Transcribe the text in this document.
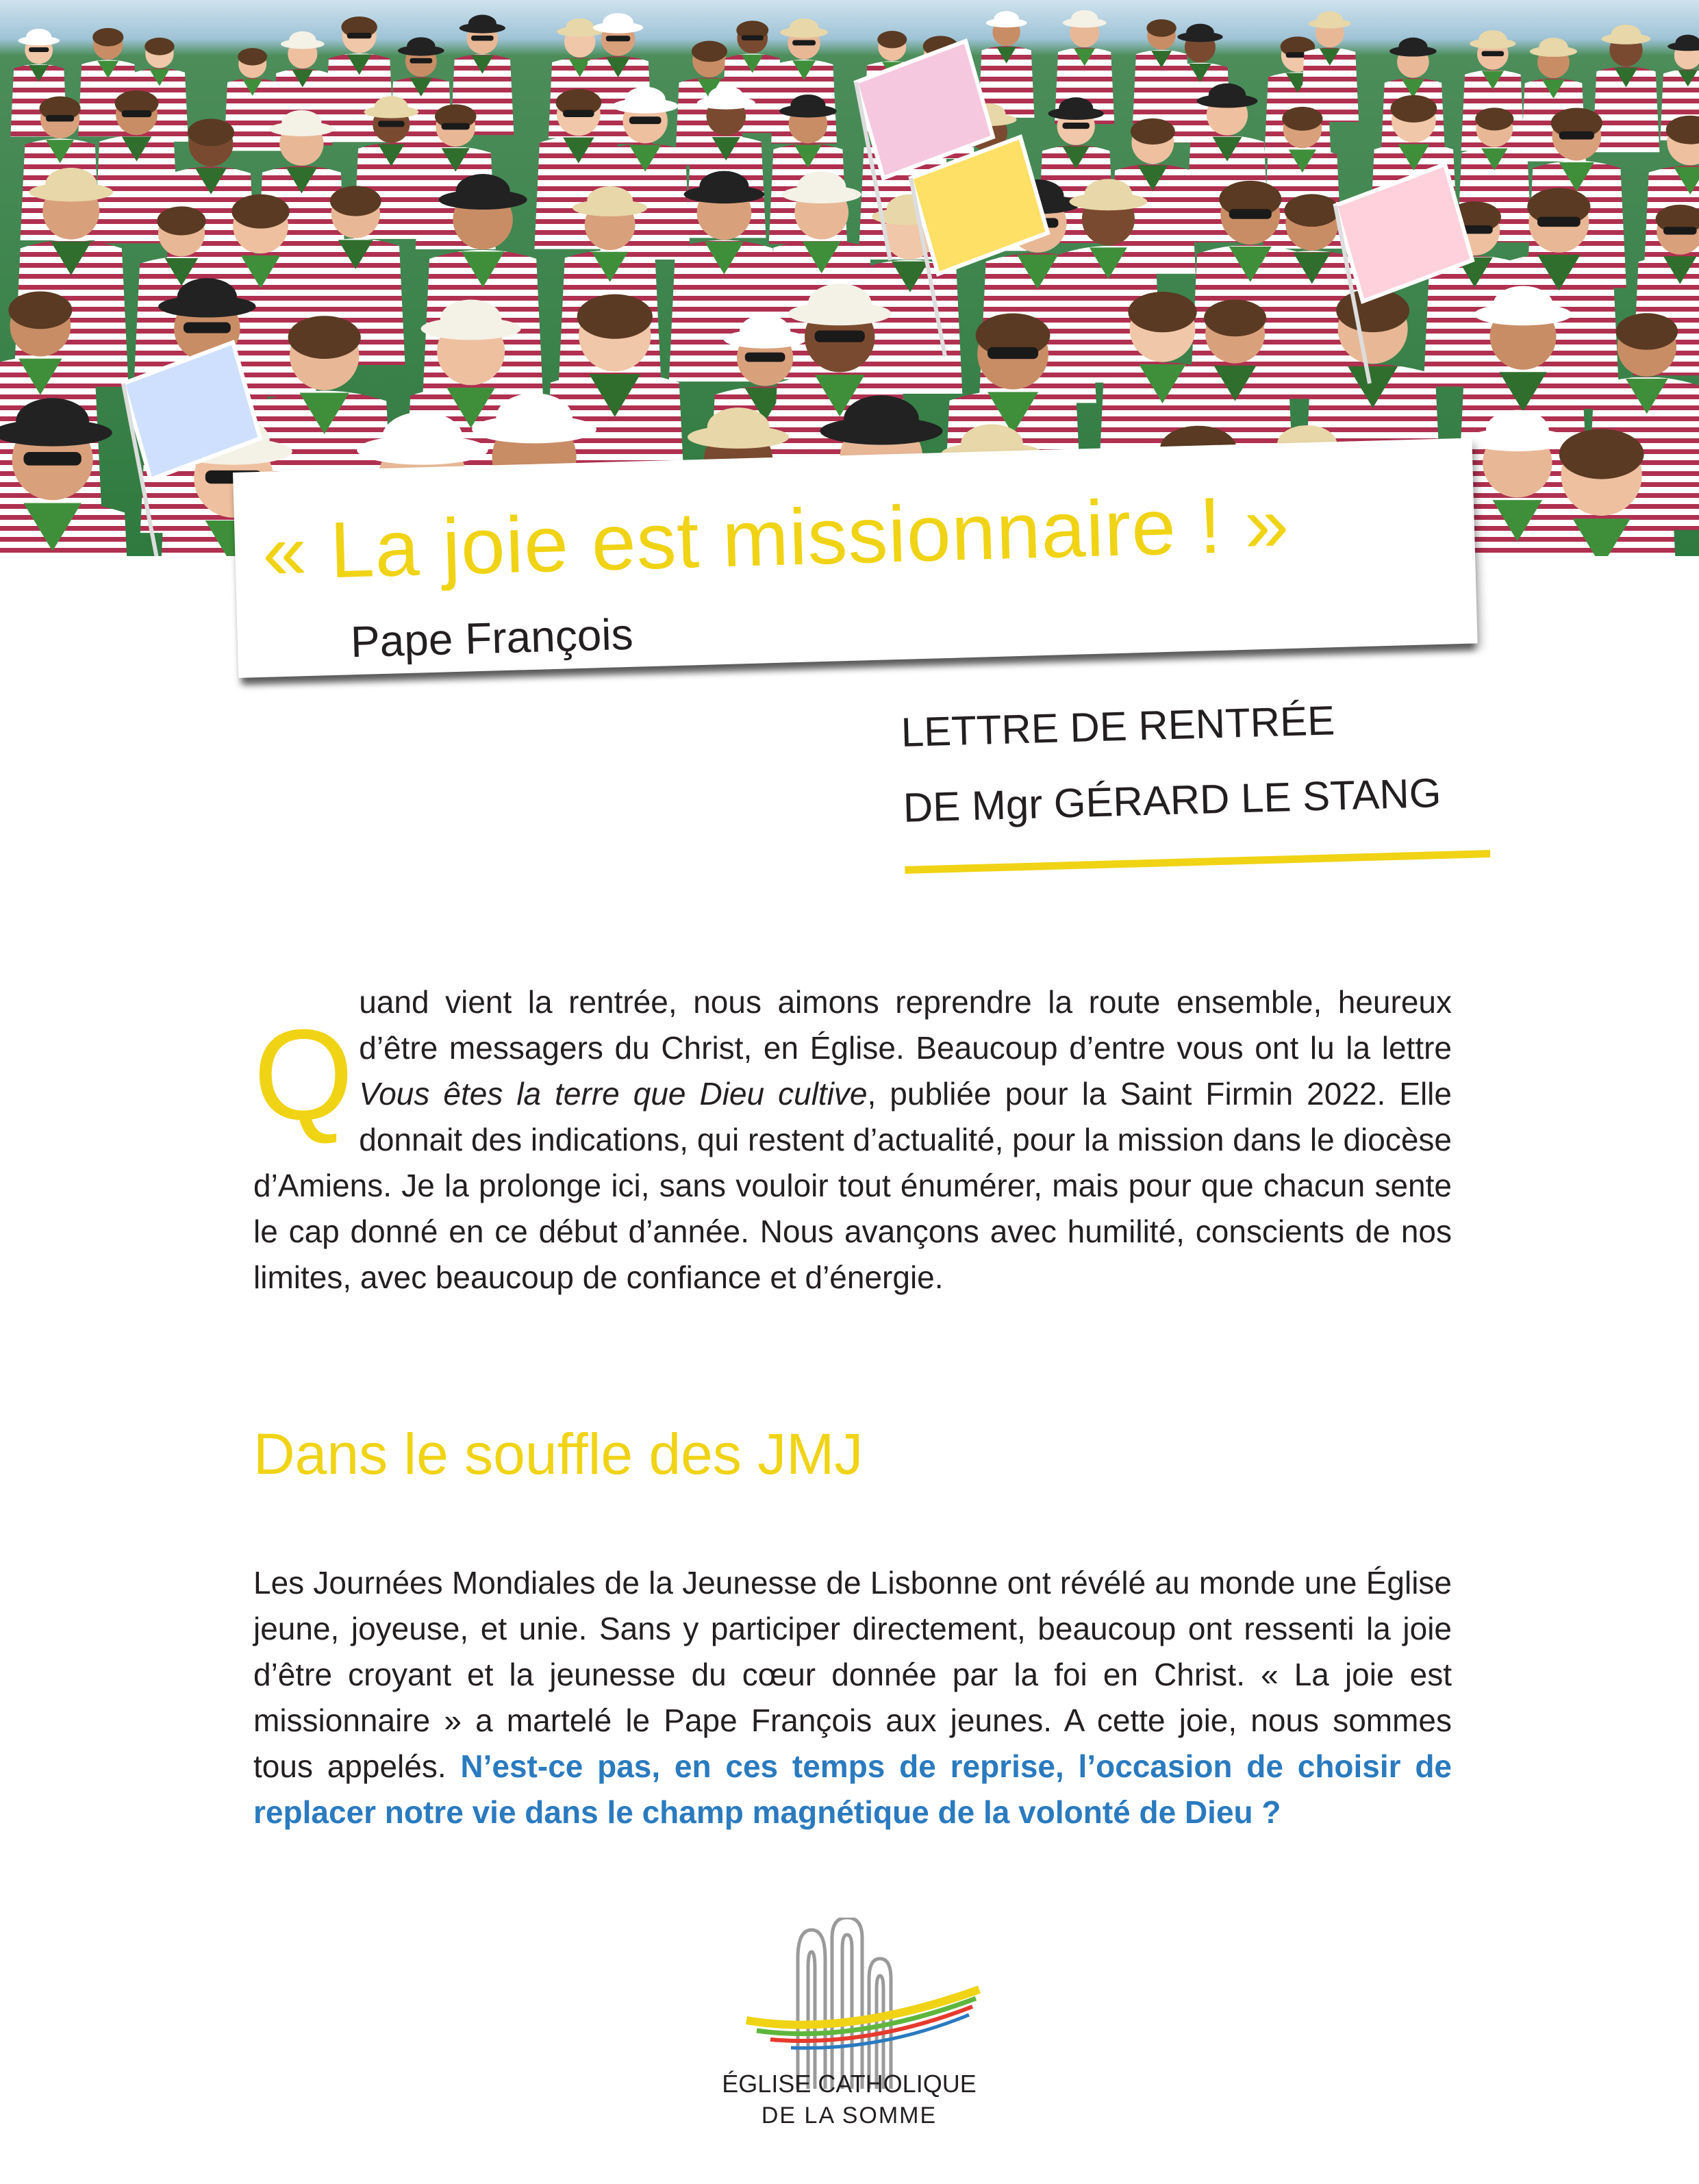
« La joie est missionnaire ! »
Pape François
LETTRE DE RENTRÉE
DE Mgr GÉRARD LE STANG
Q
uand vient la rentrée, nous aimons reprendre la route ensemble, heureux d’être messagers du Christ, en Église. Beaucoup d’entre vous ont lu la lettre Vous êtes la terre que Dieu cultive, publiée pour la Saint Firmin 2022. Elle donnait des indications, qui restent d’actualité, pour la mission dans le diocèse d’Amiens. Je la prolonge ici, sans vouloir tout énumérer, mais pour que chacun sente le cap donné en ce début d’année. Nous avançons avec humilité, conscients de nos limites, avec beaucoup de confiance et d’énergie.
Dans le souffle des JMJ
Les Journées Mondiales de la Jeunesse de Lisbonne ont révélé au monde une Église jeune, joyeuse, et unie. Sans y participer directement, beaucoup ont ressenti la joie d’être croyant et la jeunesse du cœur donnée par la foi en Christ. « La joie est missionnaire » a martelé le Pape François aux jeunes. A cette joie, nous sommes tous appelés. N’est-ce pas, en ces temps de reprise, l’occasion de choisir de replacer notre vie dans le champ magnétique de la volonté de Dieu ?
ÉGLISE CATHOLIQUE
DE LA SOMME
